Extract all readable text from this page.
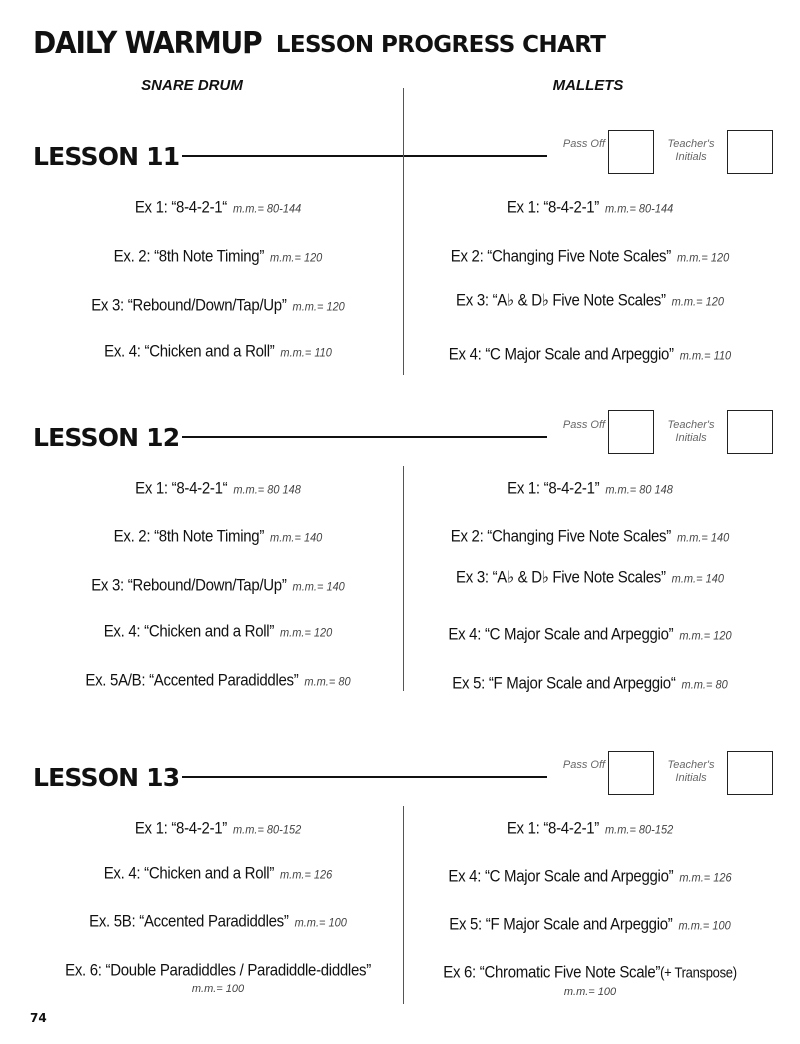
DAILY WARMUP LESSON PROGRESS CHART
SNARE DRUM	MALLETS
LESSON 11	Pass Off	Teacher's Initials
Ex 1: “8-4-2-1“ m.m.= 80-144
Ex. 2: “8th Note Timing” m.m.= 120
Ex 3: “Rebound/Down/Tap/Up” m.m.= 120
Ex. 4: “Chicken and a Roll” m.m.= 110
Ex 1: “8-4-2-1” m.m.= 80-144
Ex 2: “Changing Five Note Scales” m.m.= 120
Ex 3: “A♭ & D♭ Five Note Scales” m.m.= 120
Ex 4: “C Major Scale and Arpeggio” m.m.= 110
LESSON 12	Pass Off	Teacher's Initials
Ex 1: “8-4-2-1“ m.m.= 80 148
Ex. 2: “8th Note Timing” m.m.= 140
Ex 3: “Rebound/Down/Tap/Up” m.m.= 140
Ex. 4: “Chicken and a Roll” m.m.= 120
Ex. 5A/B: “Accented Paradiddles” m.m.= 80
Ex 1: “8-4-2-1” m.m.= 80 148
Ex 2: “Changing Five Note Scales” m.m.= 140
Ex 3: “A♭ & D♭ Five Note Scales” m.m.= 140
Ex 4: “C Major Scale and Arpeggio” m.m.= 120
Ex 5: “F Major Scale and Arpeggio“ m.m.= 80
LESSON 13	Pass Off	Teacher's Initials
Ex 1: “8-4-2-1” m.m.= 80-152
Ex. 4: “Chicken and a Roll” m.m.= 126
Ex. 5B: “Accented Paradiddles” m.m.= 100
Ex. 6: “Double Paradiddles / Paradiddle-diddles”
m.m.= 100
Ex 1: “8-4-2-1” m.m.= 80-152
Ex 4: “C Major Scale and Arpeggio” m.m.= 126
Ex 5: “F Major Scale and Arpeggio” m.m.= 100
Ex 6: “Chromatic Five Note Scale”(+ Transpose)
m.m.= 100
74
